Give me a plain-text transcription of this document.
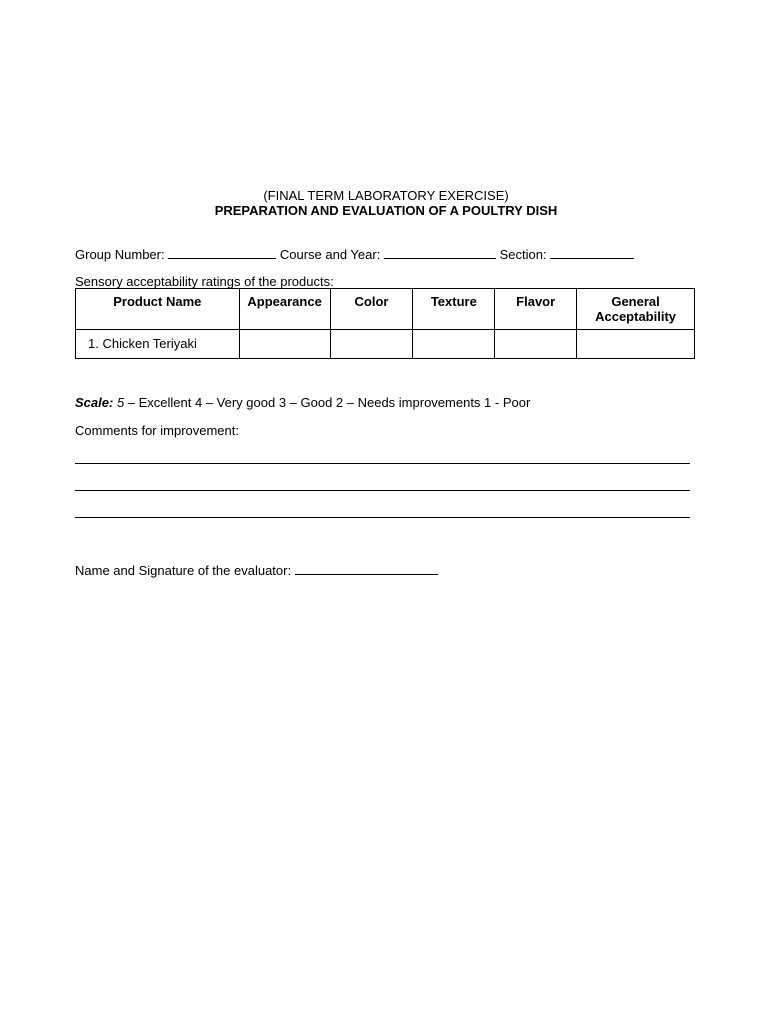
(FINAL TERM LABORATORY EXERCISE)
PREPARATION AND EVALUATION OF A POULTRY DISH
Group Number:	Course and Year:	Section:
Sensory acceptability ratings of the products:
Product Name	Appearance	Color	Texture	Flavor	General Acceptability
1. Chicken Teriyaki					
Scale: 5 – Excellent 4 – Very good 3 – Good 2 – Needs improvements 1 - Poor
Comments for improvement:
Name and Signature of the evaluator:
